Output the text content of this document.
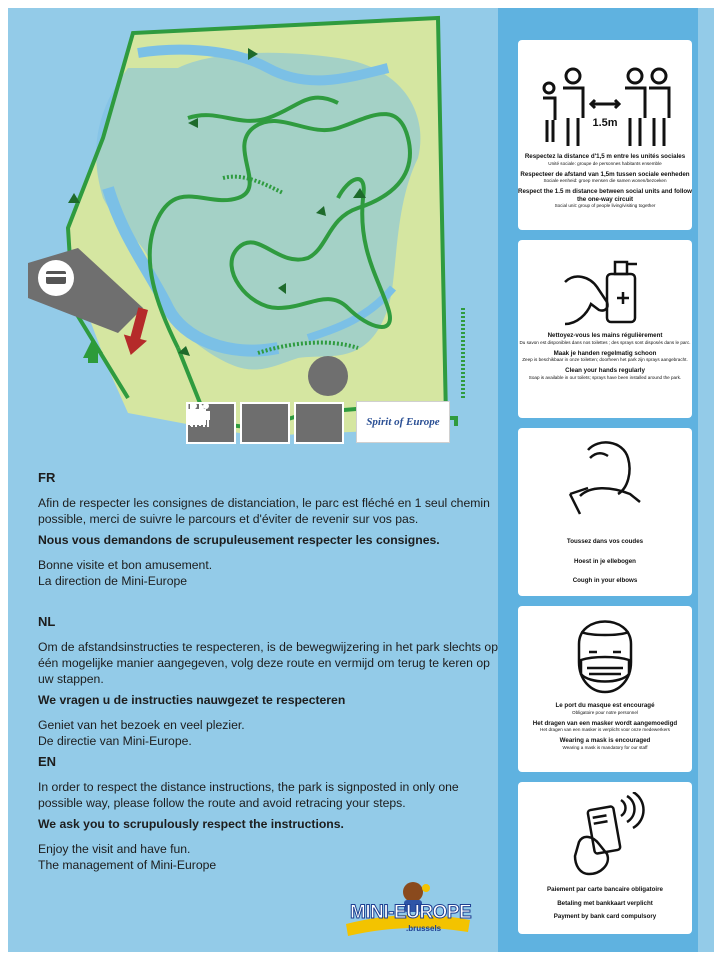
Spirit of Europe

FR

Afin de respecter les consignes de distanciation, le parc est fléché en 1 seul chemin possible, merci de suivre le parcours et d'éviter de revenir sur vos pas.

Nous vous demandons de scrupuleusement respecter les consignes.

Bonne visite et bon amusement.

La direction de Mini-Europe

NL

Om de afstandsinstructies te respecteren, is de bewegwijzering in het park slechts op één mogelijke manier aangegeven, volg deze route en vermijd om terug te keren op uw stappen.

We vragen u de instructies nauwgezet te respecteren

Geniet van het bezoek en veel plezier.

De directie van Mini-Europe.

EN

In order to respect the distance instructions, the park is signposted in only one possible way, please follow the route and avoid retracing your steps.

We ask you to scrupulously respect the instructions.

Enjoy the visit and have fun.

The management of Mini-Europe

MINI-EUROPE
.brussels
1.5m

Respectez la distance d'1,5 m entre les unités sociales

Unité sociale: groupe de personnes habitants ensemble

Respecteer de afstand van 1,5m tussen sociale eenheden

Sociale eenheid: groep mensen die samen wonen/bezoeken

Respect the 1.5 m distance between social units and follow the one-way circuit

Social unit: group of people living/visiting together

Nettoyez-vous les mains régulièrement

Du savon est disponibles dans nos toilettes ; des sprays sont disposés dans le parc.

Maak je handen regelmatig schoon

Zeep is beschikbaar in onze toiletten; doorheen het park zijn sprays aangebracht.

Clean your hands regularly

Soap is available in our toilets; sprays have been installed around the park.

Toussez dans vos coudes

Hoest in je ellebogen

Cough in your elbows

Le port du masque est encouragé

Obligatoire pour notre personnel

Het dragen van een masker wordt aangemoedigd

Het dragen van een masker is verplicht voor onze medewerkers

Wearing a mask is encouraged

Wearing a mask is mandatory for our staff

Paiement par carte bancaire obligatoire

Betaling met bankkaart verplicht

Payment by bank card compulsory
